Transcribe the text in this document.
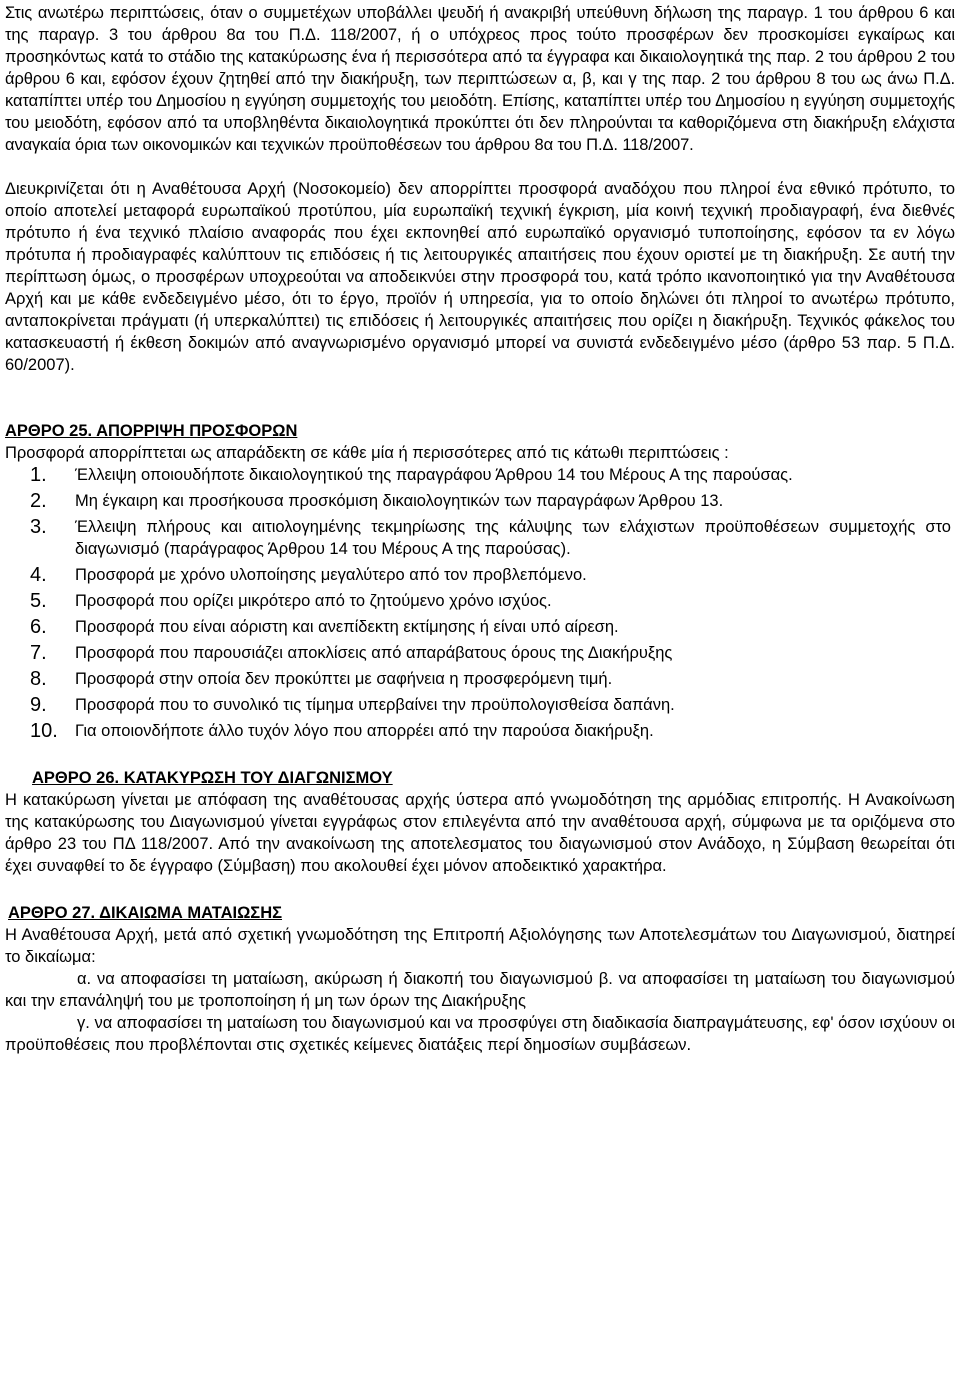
Στις ανωτέρω περιπτώσεις, όταν ο συμμετέχων υποβάλλει ψευδή ή ανακριβή υπεύθυνη δήλωση της παραγρ. 1 του άρθρου 6 και της παραγρ. 3 του άρθρου 8α του Π.Δ. 118/2007, ή ο υπόχρεος προς τούτο προσφέρων δεν προσκομίσει εγκαίρως και προσηκόντως κατά το στάδιο της κατακύρωσης ένα ή περισσότερα από τα έγγραφα και δικαιολογητικά της παρ. 2 του άρθρου 2 του άρθρου 6 και, εφόσον έχουν ζητηθεί από την διακήρυξη, των περιπτώσεων α, β, και γ της παρ. 2 του άρθρου 8 του ως άνω Π.Δ. καταπίπτει υπέρ του Δημοσίου η εγγύηση συμμετοχής του μειοδότη. Επίσης, καταπίπτει υπέρ του Δημοσίου η εγγύηση συμμετοχής του μειοδότη, εφόσον από τα υποβληθέντα δικαιολογητικά προκύπτει ότι δεν πληρούνται τα καθοριζόμενα στη διακήρυξη ελάχιστα αναγκαία όρια των οικονομικών και τεχνικών προϋποθέσεων του άρθρου 8α του Π.Δ. 118/2007.

Διευκρινίζεται ότι η Αναθέτουσα Αρχή (Νοσοκομείο) δεν απορρίπτει προσφορά αναδόχου που πληροί ένα εθνικό πρότυπο, το οποίο αποτελεί μεταφορά ευρωπαϊκού προτύπου, μία ευρωπαϊκή τεχνική έγκριση, μία κοινή τεχνική προδιαγραφή, ένα διεθνές πρότυπο ή ένα τεχνικό πλαίσιο αναφοράς που έχει εκπονηθεί από ευρωπαϊκό οργανισμό τυποποίησης, εφόσον τα εν λόγω πρότυπα ή προδιαγραφές καλύπτουν τις επιδόσεις ή τις λειτουργικές απαιτήσεις που έχουν οριστεί με τη διακήρυξη. Σε αυτή την περίπτωση όμως, ο προσφέρων υποχρεούται να αποδεικνύει στην προσφορά του, κατά τρόπο ικανοποιητικό για την Αναθέτουσα Αρχή και με κάθε ενδεδειγμένο μέσο, ότι το έργο, προϊόν ή υπηρεσία, για το οποίο δηλώνει ότι πληροί το ανωτέρω πρότυπο, ανταποκρίνεται πράγματι (ή υπερκαλύπτει) τις επιδόσεις ή λειτουργικές απαιτήσεις που ορίζει η διακήρυξη. Τεχνικός φάκελος του κατασκευαστή ή έκθεση δοκιμών από αναγνωρισμένο οργανισμό μπορεί να συνιστά ενδεδειγμένο μέσο (άρθρο 53 παρ. 5 Π.Δ. 60/2007).

ΑΡΘΡΟ 25. ΑΠΟΡΡΙΨΗ ΠΡΟΣΦΟΡΩΝ

Προσφορά απορρίπτεται ως απαράδεκτη σε κάθε μία ή περισσότερες από τις κάτωθι περιπτώσεις :

1.	Έλλειψη οποιουδήποτε δικαιολογητικού της παραγράφου Άρθρου 14 του Μέρους Α της παρούσας.
2.	Μη έγκαιρη και προσήκουσα προσκόμιση δικαιολογητικών των παραγράφων Άρθρου 13.
3.	Έλλειψη πλήρους και αιτιολογημένης τεκμηρίωσης της κάλυψης των ελάχιστων προϋποθέσεων συμμετοχής στο διαγωνισμό (παράγραφος Άρθρου 14 του Μέρους Α της παρούσας).
4.	Προσφορά με χρόνο υλοποίησης μεγαλύτερο από τον προβλεπόμενο.
5.	Προσφορά που ορίζει μικρότερο από το ζητούμενο χρόνο ισχύος.
6.	Προσφορά που είναι αόριστη και ανεπίδεκτη εκτίμησης ή είναι υπό αίρεση.
7.	Προσφορά που παρουσιάζει αποκλίσεις από απαράβατους όρους της Διακήρυξης
8.	Προσφορά στην οποία δεν προκύπτει με σαφήνεια η προσφερόμενη τιμή.
9.	Προσφορά που το συνολικό τις τίμημα υπερβαίνει την προϋπολογισθείσα δαπάνη.
10.	Για οποιονδήποτε άλλο τυχόν λόγο που απορρέει από την παρούσα διακήρυξη.
ΑΡΘΡΟ 26. ΚΑΤΑΚΥΡΩΣΗ ΤΟΥ ΔΙΑΓΩΝΙΣΜΟΥ

Η κατακύρωση γίνεται με απόφαση της αναθέτουσας αρχής ύστερα από γνωμοδότηση της αρμόδιας επιτροπής. Η Ανακοίνωση της κατακύρωσης του Διαγωνισμού γίνεται εγγράφως στον επιλεγέντα από την αναθέτουσα αρχή, σύμφωνα με τα οριζόμενα στο άρθρο 23 του ΠΔ 118/2007. Από την ανακοίνωση της αποτελεσματος του διαγωνισμού στον Ανάδοχο, η Σύμβαση θεωρείται ότι έχει συναφθεί το δε έγγραφο (Σύμβαση) που ακολουθεί έχει μόνον αποδεικτικό χαρακτήρα.

ΑΡΘΡΟ 27. ΔΙΚΑΙΩΜΑ ΜΑΤΑΙΩΣΗΣ

Η Αναθέτουσα Αρχή, μετά από σχετική γνωμοδότηση της Επιτροπή Αξιολόγησης των Αποτελεσμάτων του Διαγωνισμού, διατηρεί το δικαίωμα:

α. να αποφασίσει τη ματαίωση, ακύρωση ή διακοπή του διαγωνισμού β. να αποφασίσει τη ματαίωση του διαγωνισμού και την επανάληψή του με τροποποίηση ή μη των όρων της Διακήρυξης

γ. να αποφασίσει τη ματαίωση του διαγωνισμού και να προσφύγει στη διαδικασία διαπραγμάτευσης, εφ' όσον ισχύουν οι προϋποθέσεις που προβλέπονται στις σχετικές κείμενες διατάξεις περί δημοσίων συμβάσεων.
